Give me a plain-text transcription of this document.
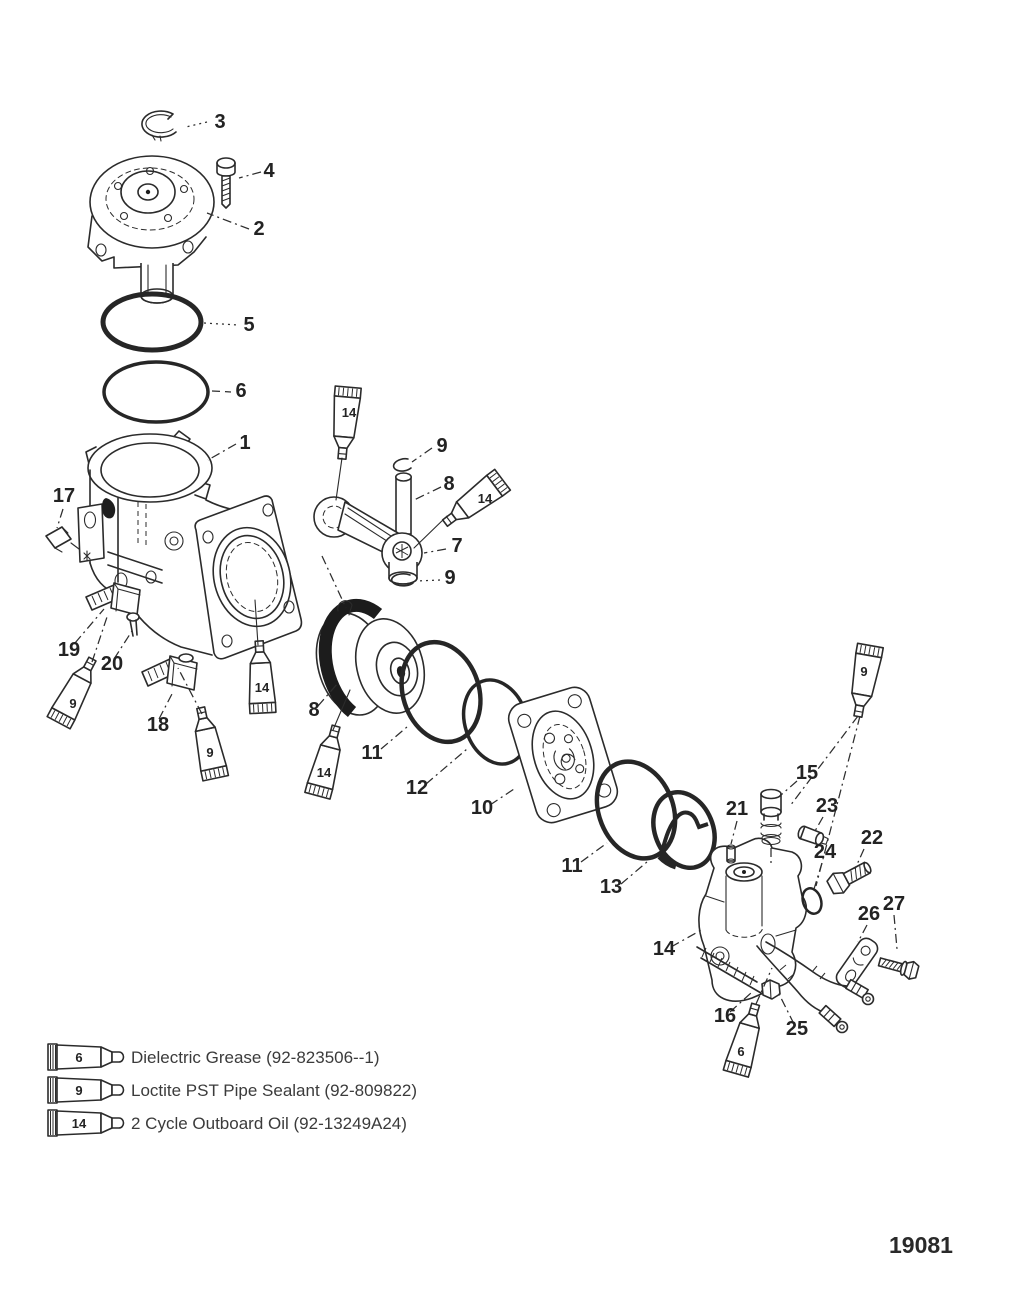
9
9
14
14
14
14
9
6
3
4
2
5
6
1
17
9
8
7
9
19
20
18
8
11
12
10
11
13
15
21	23
24
22
26 27
14
16
25
6
9
14
Dielectric Grease (92-823506--1)
Loctite PST Pipe Sealant (92-809822)
2 Cycle Outboard Oil (92-13249A24)
19081
